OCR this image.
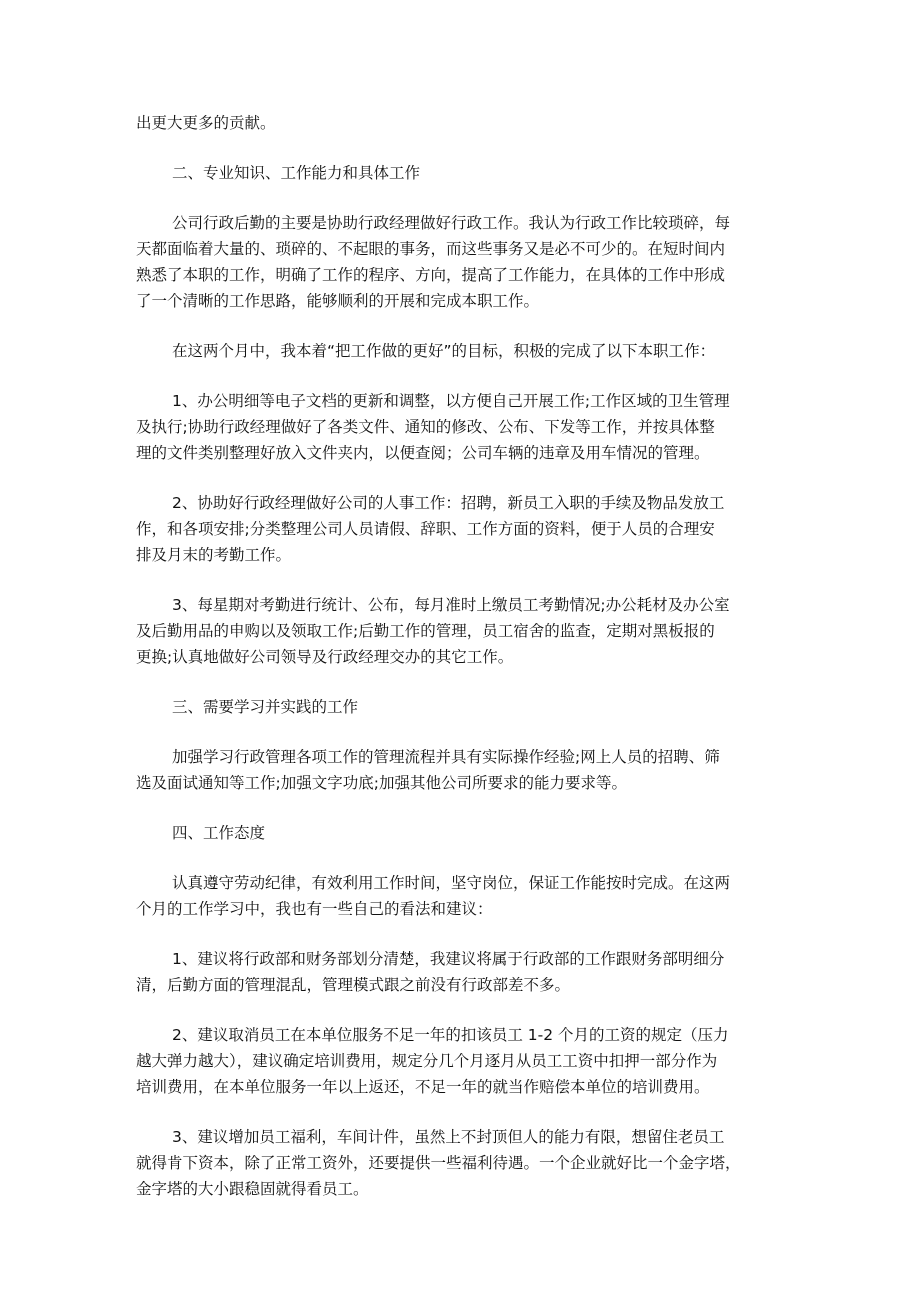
出更大更多的贡献。

二、专业知识、工作能力和具体工作

公司行政后勤的主要是协助行政经理做好行政工作。我认为行政工作比较琐碎，每
天都面临着大量的、琐碎的、不起眼的事务，而这些事务又是必不可少的。在短时间内
熟悉了本职的工作，明确了工作的程序、方向，提高了工作能力，在具体的工作中形成
了一个清晰的工作思路，能够顺利的开展和完成本职工作。

在这两个月中，我本着“把工作做的更好”的目标，积极的完成了以下本职工作：

1、办公明细等电子文档的更新和调整，以方便自己开展工作;工作区域的卫生管理
及执行;协助行政经理做好了各类文件、通知的修改、公布、下发等工作，并按具体整
理的文件类别整理好放入文件夹内，以便查阅；公司车辆的违章及用车情况的管理。

2、协助好行政经理做好公司的人事工作：招聘，新员工入职的手续及物品发放工
作，和各项安排;分类整理公司人员请假、辞职、工作方面的资料，便于人员的合理安
排及月末的考勤工作。

3、每星期对考勤进行统计、公布，每月准时上缴员工考勤情况;办公耗材及办公室
及后勤用品的申购以及领取工作;后勤工作的管理，员工宿舍的监查，定期对黑板报的
更换;认真地做好公司领导及行政经理交办的其它工作。

三、需要学习并实践的工作

加强学习行政管理各项工作的管理流程并具有实际操作经验;网上人员的招聘、筛
选及面试通知等工作;加强文字功底;加强其他公司所要求的能力要求等。

四、工作态度

认真遵守劳动纪律，有效利用工作时间，坚守岗位，保证工作能按时完成。在这两
个月的工作学习中，我也有一些自己的看法和建议：

1、建议将行政部和财务部划分清楚，我建议将属于行政部的工作跟财务部明细分
清，后勤方面的管理混乱，管理模式跟之前没有行政部差不多。

2、建议取消员工在本单位服务不足一年的扣该员工 1-2 个月的工资的规定（压力
越大弹力越大），建议确定培训费用，规定分几个月逐月从员工工资中扣押一部分作为
培训费用，在本单位服务一年以上返还，不足一年的就当作赔偿本单位的培训费用。

3、建议增加员工福利，车间计件，虽然上不封顶但人的能力有限，想留住老员工
就得肯下资本，除了正常工资外，还要提供一些福利待遇。一个企业就好比一个金字塔，
金字塔的大小跟稳固就得看员工。
